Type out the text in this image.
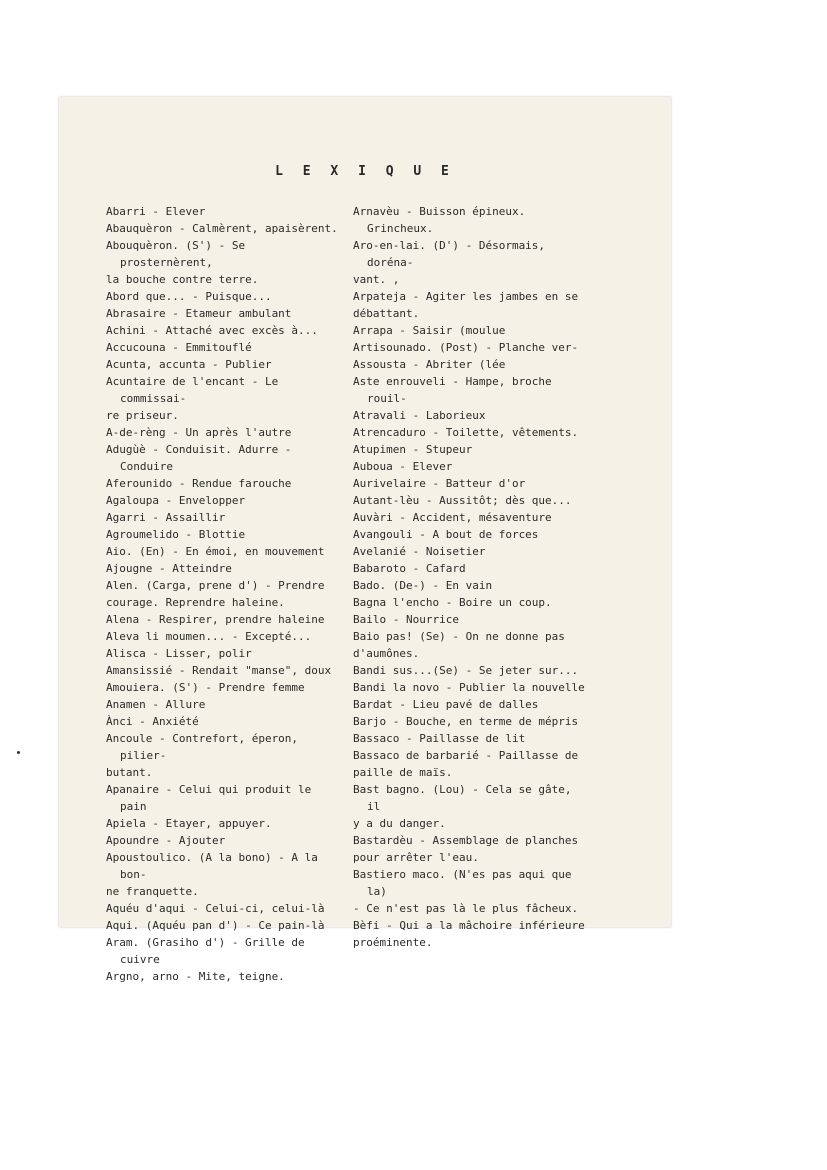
L E X I Q U E
Abarri - Elever
Abauquèron - Calmèrent, apaisèrent.
Abouquèron. (S') - Se prosternèrent,
la bouche contre terre.
Abord que... - Puisque...
Abrasaire - Etameur ambulant
Achini - Attaché avec excès à...
Accucouna - Emmitouflé
Acunta, accunta - Publier
Acuntaire de l'encant - Le commissai-
re priseur.
A-de-rèng - Un après l'autre
Adugùè - Conduisit. Adurre - Conduire
Aferounido - Rendue farouche
Agaloupa - Envelopper
Agarri - Assaillir
Agroumelido - Blottie
Aio. (En) - En émoi, en mouvement
Ajougne - Atteindre
Alen. (Carga, prene d') - Prendre
courage. Reprendre haleine.
Alena - Respirer, prendre haleine
Aleva li moumen... - Excepté...
Alisca - Lisser, polir
Amansissié - Rendait "manse", doux
Amouiera. (S') - Prendre femme
Anamen - Allure
Ànci - Anxiété
Ancoule - Contrefort, éperon, pilier-
butant.
Apanaire - Celui qui produit le pain
Apiela - Etayer, appuyer.
Apoundre - Ajouter
Apoustoulico. (A la bono) - A la bon-
ne franquette.
Aquéu d'aqui - Celui-ci, celui-là
Aqui. (Aquéu pan d') - Ce pain-là
Aram. (Grasiho d') - Grille de cuivre
Argno, arno - Mite, teigne.
Arnavèu - Buisson épineux. Grincheux.
Aro-en-lai. (D') - Désormais, doréna-
vant. ,
Arpateja - Agiter les jambes en se
débattant.
Arrapa - Saisir (moulue
Artisounado. (Post) - Planche ver-
Assousta - Abriter (lée
Aste enrouveli - Hampe, broche rouil-
Atravali - Laborieux
Atrencaduro - Toilette, vêtements.
Atupimen - Stupeur
Auboua - Elever
Aurivelaire - Batteur d'or
Autant-lèu - Aussitôt; dès que...
Auvàri - Accident, mésaventure
Avangouli - A bout de forces
Avelanié - Noisetier
Babaroto - Cafard
Bado. (De-) - En vain
Bagna l'encho - Boire un coup.
Bailo - Nourrice
Baio pas! (Se) - On ne donne pas
d'aumônes.
Bandi sus...(Se) - Se jeter sur...
Bandi la novo - Publier la nouvelle
Bardat - Lieu pavé de dalles
Barjo - Bouche, en terme de mépris
Bassaco - Paillasse de lit
Bassaco de barbarié - Paillasse de
paille de maïs.
Bast bagno. (Lou) - Cela se gâte, il
y a du danger.
Bastardèu - Assemblage de planches
pour arrêter l'eau.
Bastiero maco. (N'es pas aqui que la)
- Ce n'est pas là le plus fâcheux.
Bèfi - Qui a la mâchoire inférieure
proéminente.
